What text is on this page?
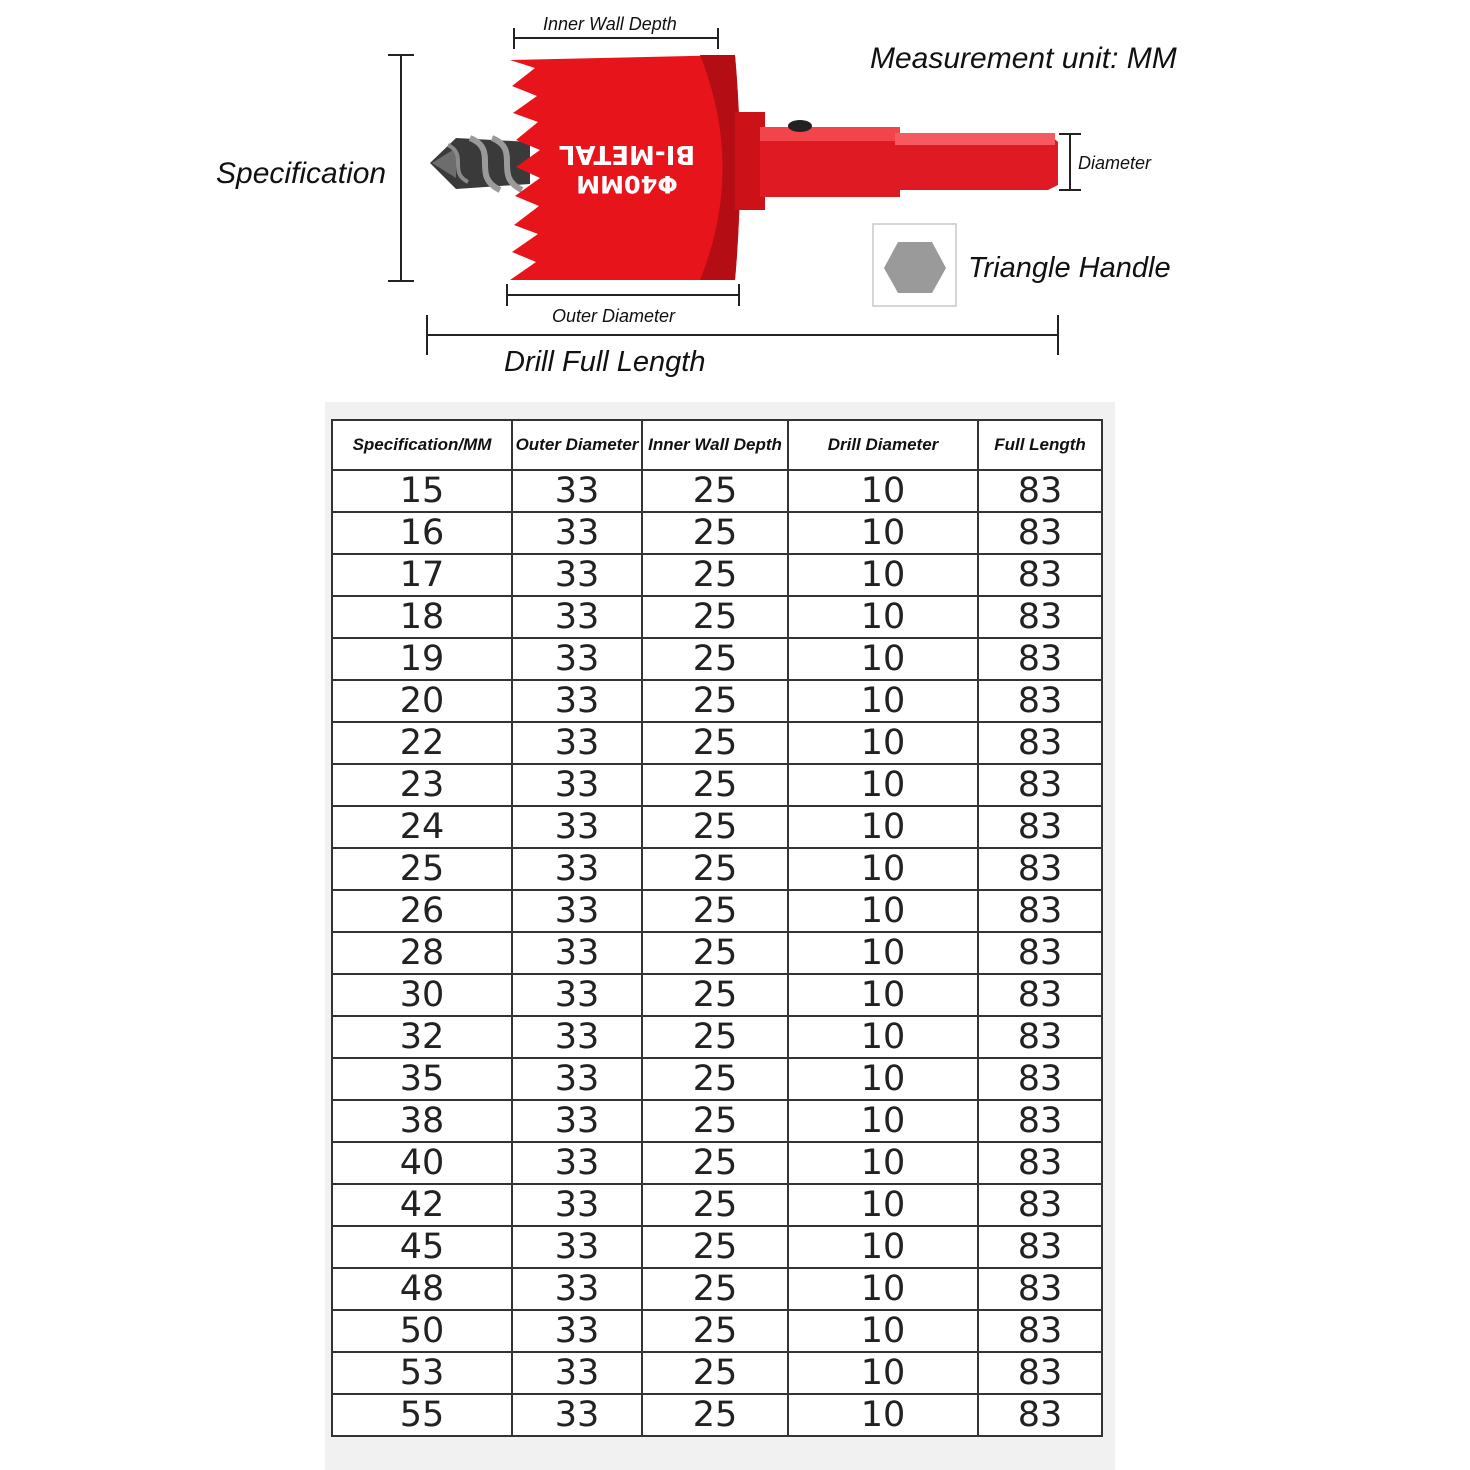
Φ40MM
BI-METAL
Inner Wall Depth
Measurement unit: MM
Specification	Diameter
Triangle Handle
Outer Diameter
Drill Full Length
Specification/MM	Outer Diameter	Inner Wall Depth	Drill Diameter	Full Length
15	33	25	10	83
16	33	25	10	83
17	33	25	10	83
18	33	25	10	83
19	33	25	10	83
20	33	25	10	83
22	33	25	10	83
23	33	25	10	83
24	33	25	10	83
25	33	25	10	83
26	33	25	10	83
28	33	25	10	83
30	33	25	10	83
32	33	25	10	83
35	33	25	10	83
38	33	25	10	83
40	33	25	10	83
42	33	25	10	83
45	33	25	10	83
48	33	25	10	83
50	33	25	10	83
53	33	25	10	83
55	33	25	10	83
